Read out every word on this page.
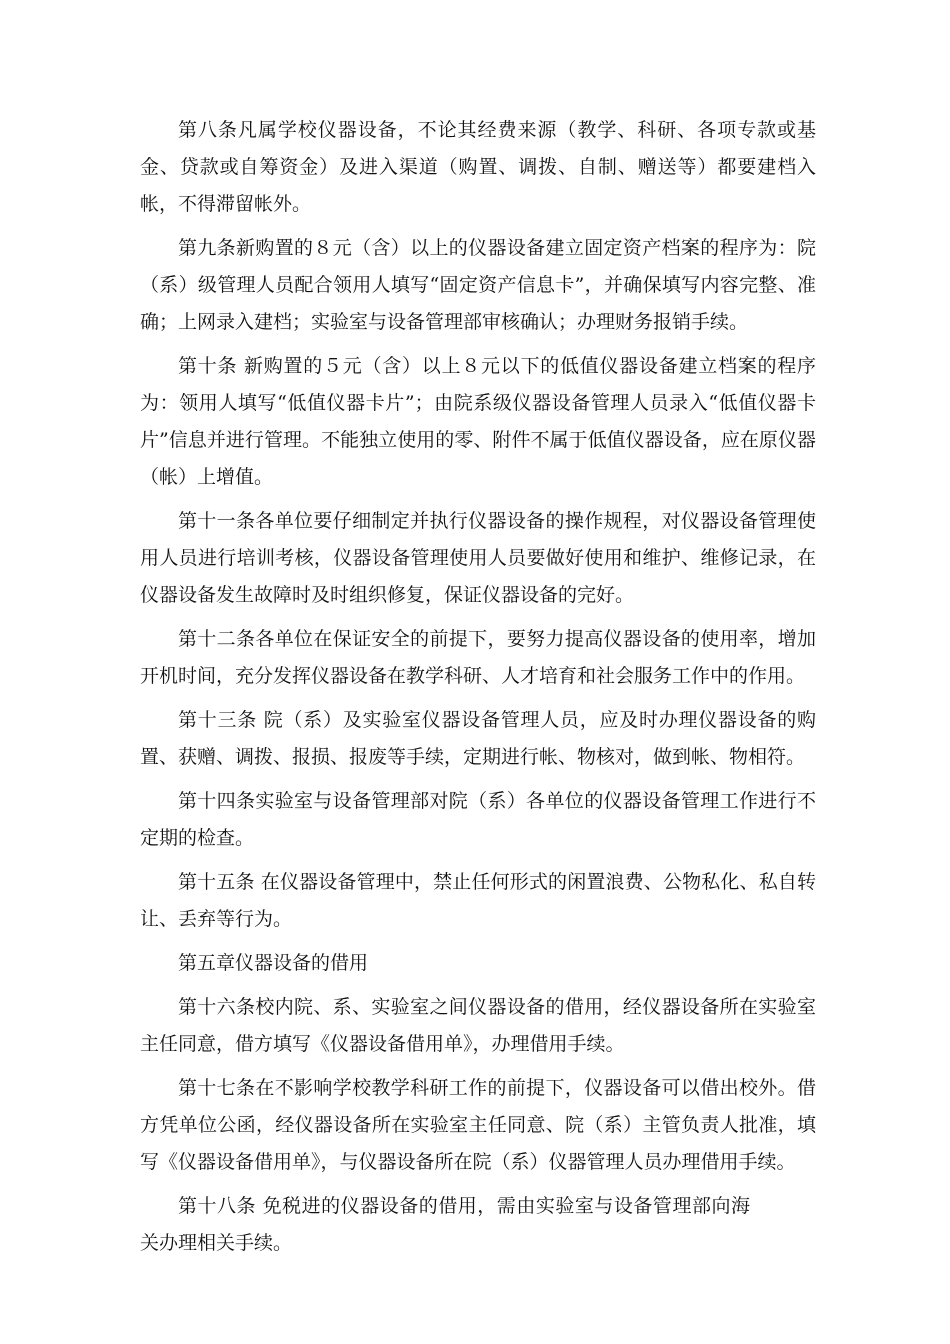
第八条凡属学校仪器设备，不论其经费来源（教学、科研、各项专款或基金、贷款或自筹资金）及进入渠道（购置、调拨、自制、赠送等）都要建档入帐，不得滞留帐外。

第九条新购置的８元（含）以上的仪器设备建立固定资产档案的程序为：院（系）级管理人员配合领用人填写“固定资产信息卡”，并确保填写内容完整、准确；上网录入建档；实验室与设备管理部审核确认；办理财务报销手续。

第十条 新购置的５元（含）以上８元以下的低值仪器设备建立档案的程序为：领用人填写“低值仪器卡片”；由院系级仪器设备管理人员录入“低值仪器卡片”信息并进行管理。不能独立使用的零、附件不属于低值仪器设备，应在原仪器（帐）上增值。

第十一条各单位要仔细制定并执行仪器设备的操作规程，对仪器设备管理使用人员进行培训考核，仪器设备管理使用人员要做好使用和维护、维修记录，在仪器设备发生故障时及时组织修复，保证仪器设备的完好。

第十二条各单位在保证安全的前提下，要努力提高仪器设备的使用率，增加开机时间，充分发挥仪器设备在教学科研、人才培育和社会服务工作中的作用。

第十三条 院（系）及实验室仪器设备管理人员，应及时办理仪器设备的购置、获赠、调拨、报损、报废等手续，定期进行帐、物核对，做到帐、物相符。

第十四条实验室与设备管理部对院（系）各单位的仪器设备管理工作进行不定期的检查。

第十五条 在仪器设备管理中，禁止任何形式的闲置浪费、公物私化、私自转让、丢弃等行为。

第五章仪器设备的借用

第十六条校内院、系、实验室之间仪器设备的借用，经仪器设备所在实验室主任同意，借方填写《仪器设备借用单》，办理借用手续。

第十七条在不影响学校教学科研工作的前提下，仪器设备可以借出校外。借方凭单位公函，经仪器设备所在实验室主任同意、院（系）主管负责人批准，填写《仪器设备借用单》，与仪器设备所在院（系）仪器管理人员办理借用手续。

第十八条 免税进的仪器设备的借用，需由实验室与设备管理部向海关办理相关手续。
